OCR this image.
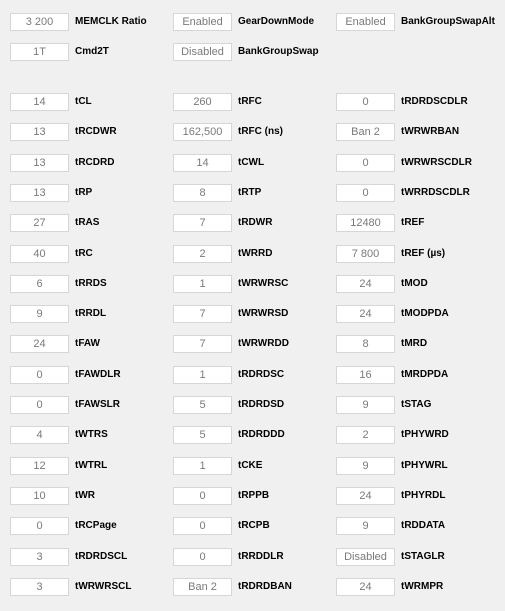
3 200	MEMCLK Ratio	Enabled	GearDownMode	Enabled	BankGroupSwapAlt
1T	Cmd2T	Disabled	BankGroupSwap
14	tCL	260	tRFC	0	tRDRDSCDLR
13	tRCDWR	162,500	tRFC (ns)	Ban 2	tWRWRBAN
13	tRCDRD	14	tCWL	0	tWRWRSCDLR
13	tRP	8	tRTP	0	tWRRDSCDLR
27	tRAS	7	tRDWR	12480	tREF
40	tRC	2	tWRRD	7 800	tREF (µs)
6	tRRDS	1	tWRWRSC	24	tMOD
9	tRRDL	7	tWRWRSD	24	tMODPDA
24	tFAW	7	tWRWRDD	8	tMRD
0	tFAWDLR	1	tRDRDSC	16	tMRDPDA
0	tFAWSLR	5	tRDRDSD	9	tSTAG
4	tWTRS	5	tRDRDDD	2	tPHYWRD
12	tWTRL	1	tCKE	9	tPHYWRL
10	tWR	0	tRPPB	24	tPHYRDL
0	tRCPage	0	tRCPB	9	tRDDATA
3	tRDRDSCL	0	tRRDDLR	Disabled	tSTAGLR
3	tWRWRSCL	Ban 2	tRDRDBAN	24	tWRMPR
